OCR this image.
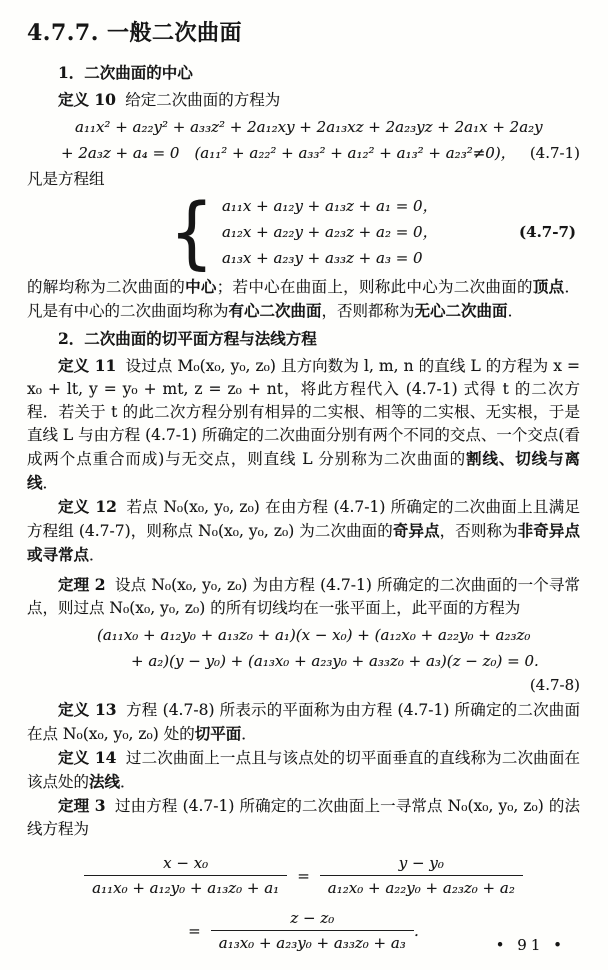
4.7.7. 一般二次曲面
1．二次曲面的中心

定义 10 给定二次曲面的方程为

a₁₁x² + a₂₂y² + a₃₃z² + 2a₁₂xy + 2a₁₃xz + 2a₂₃yz + 2a₁x + 2a₂y
+ 2a₃z + a₄ = 0　(a₁₁² + a₂₂² + a₃₃² + a₁₂² + a₁₃² + a₂₃²≠0)， (4.7-1)

凡是方程组

{ a₁₁x + a₁₂y + a₁₃z + a₁ = 0，
a₁₂x + a₂₂y + a₂₃z + a₂ = 0，
a₁₃x + a₂₃y + a₃₃z + a₃ = 0
(4.7-7)

的解均称为二次曲面的中心；若中心在曲面上，则称此中心为二次曲面的顶点．凡是有中心的二次曲面均称为有心二次曲面，否则都称为无心二次曲面．

2．二次曲面的切平面方程与法线方程

定义 11 设过点 M₀(x₀, y₀, z₀) 且方向数为 l, m, n 的直线 L 的方程为 x = x₀ + lt, y = y₀ + mt, z = z₀ + nt，将此方程代入 (4.7-1) 式得 t 的二次方程．若关于 t 的此二次方程分别有相异的二实根、相等的二实根、无实根，于是直线 L 与由方程 (4.7-1) 所确定的二次曲面分别有两个不同的交点、一个交点(看成两个点重合而成)与无交点，则直线 L 分别称为二次曲面的割线、切线与离线．

定义 12 若点 N₀(x₀, y₀, z₀) 在由方程 (4.7-1) 所确定的二次曲面上且满足方程组 (4.7-7)，则称点 N₀(x₀, y₀, z₀) 为二次曲面的奇异点，否则称为非奇异点或寻常点．

定理 2 设点 N₀(x₀, y₀, z₀) 为由方程 (4.7-1) 所确定的二次曲面的一个寻常点，则过点 N₀(x₀, y₀, z₀) 的所有切线均在一张平面上，此平面的方程为

(a₁₁x₀ + a₁₂y₀ + a₁₃z₀ + a₁)(x − x₀) + (a₁₂x₀ + a₂₂y₀ + a₂₃z₀
+ a₂)(y − y₀) + (a₁₃x₀ + a₂₃y₀ + a₃₃z₀ + a₃)(z − z₀) = 0.
(4.7-8)

定义 13 方程 (4.7-8) 所表示的平面称为由方程 (4.7-1) 所确定的二次曲面在点 N₀(x₀, y₀, z₀) 处的切平面．

定义 14 过二次曲面上一点且与该点处的切平面垂直的直线称为二次曲面在该点处的法线．

定理 3 过由方程 (4.7-1) 所确定的二次曲面上一寻常点 N₀(x₀, y₀, z₀) 的法线方程为

$\frac{\text{x − x₀}}{\text{a₁₁x₀ + a₁₂y₀ + a₁₃z₀ + a₁}} = \frac{\text{y − y₀}}{\text{a₁₂x₀ + a₂₂y₀ + a₂₃z₀ + a₂}}$
= $\frac{\text{z − z₀}}{\text{a₁₃x₀ + a₂₃y₀ + a₃₃z₀ + a₃}}$ ．
• 91 •
